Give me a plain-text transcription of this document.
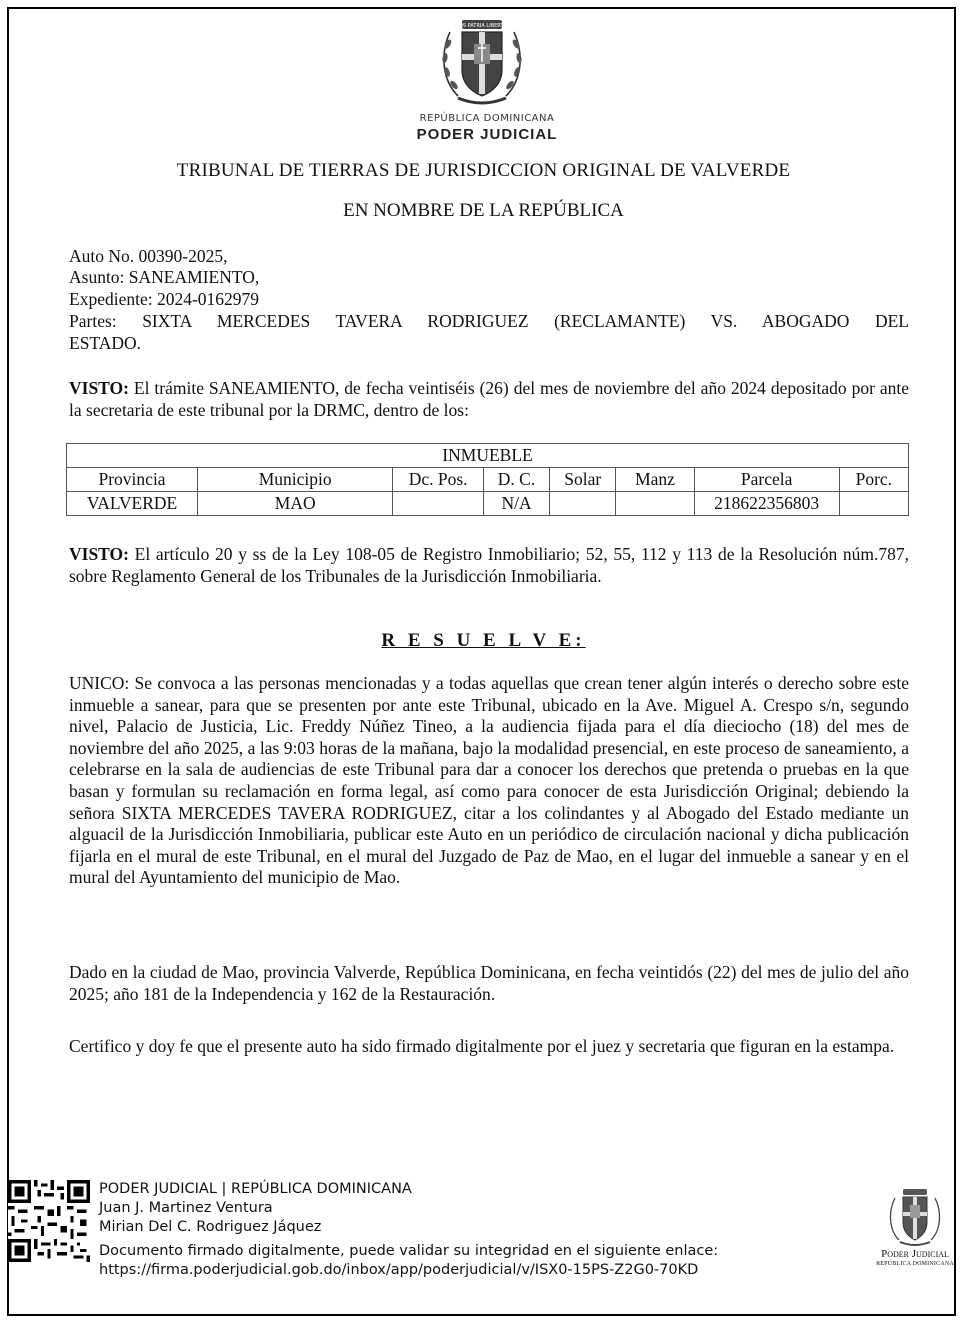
DIOS PATRIA LIBERTAD
REPÚBLICA DOMINICANA
PODER JUDICIAL
TRIBUNAL DE TIERRAS DE JURISDICCION ORIGINAL DE VALVERDE
EN NOMBRE DE LA REPÚBLICA
Auto No. 00390-2025,
Asunto: SANEAMIENTO,
Expediente: 2024-0162979
Partes: SIXTA MERCEDES TAVERA RODRIGUEZ (RECLAMANTE) VS. ABOGADO DEL
ESTADO.
VISTO: El trámite SANEAMIENTO, de fecha veintiséis (26) del mes de noviembre del año 2024 depositado por ante la secretaria de este tribunal por la DRMC, dentro de los:
INMUEBLE							
Provincia	Municipio	Dc. Pos.	D. C.	Solar	Manz	Parcela	Porc.
VALVERDE	MAO		N/A			218622356803	
VISTO: El artículo 20 y ss de la Ley 108-05 de Registro Inmobiliario; 52, 55, 112 y 113 de la Resolución núm.787, sobre Reglamento General de los Tribunales de la Jurisdicción Inmobiliaria.
R E S U E L V E:
UNICO: Se convoca a las personas mencionadas y a todas aquellas que crean tener algún interés o derecho sobre este inmueble a sanear, para que se presenten por ante este Tribunal, ubicado en la Ave. Miguel A. Crespo s/n, segundo nivel, Palacio de Justicia, Lic. Freddy Núñez Tineo, a la audiencia fijada para el día dieciocho (18) del mes de noviembre del año 2025, a las 9:03 horas de la mañana, bajo la modalidad presencial, en este proceso de saneamiento, a celebrarse en la sala de audiencias de este Tribunal para dar a conocer los derechos que pretenda o pruebas en la que basan y formulan su reclamación en forma legal, así como para conocer de esta Jurisdicción Original; debiendo la señora SIXTA MERCEDES TAVERA RODRIGUEZ, citar a los colindantes y al Abogado del Estado mediante un alguacil de la Jurisdicción Inmobiliaria, publicar este Auto en un periódico de circulación nacional y dicha publicación fijarla en el mural de este Tribunal, en el mural del Juzgado de Paz de Mao, en el lugar del inmueble a sanear y en el mural del Ayuntamiento del municipio de Mao.
Dado en la ciudad de Mao, provincia Valverde, República Dominicana, en fecha veintidós (22) del mes de julio del año 2025; año 181 de la Independencia y 162 de la Restauración.
Certifico y doy fe que el presente auto ha sido firmado digitalmente por el juez y secretaria que figuran en la estampa.
PODER JUDICIAL | REPÚBLICA DOMINICANA
Juan J. Martinez Ventura
Mirian Del C. Rodriguez Jáquez
Documento firmado digitalmente, puede validar su integridad en el siguiente enlace:
https://firma.poderjudicial.gob.do/inbox/app/poderjudicial/v/ISX0-15PS-Z2G0-70KD
Poder Judicial
REPÚBLICA DOMINICANA
